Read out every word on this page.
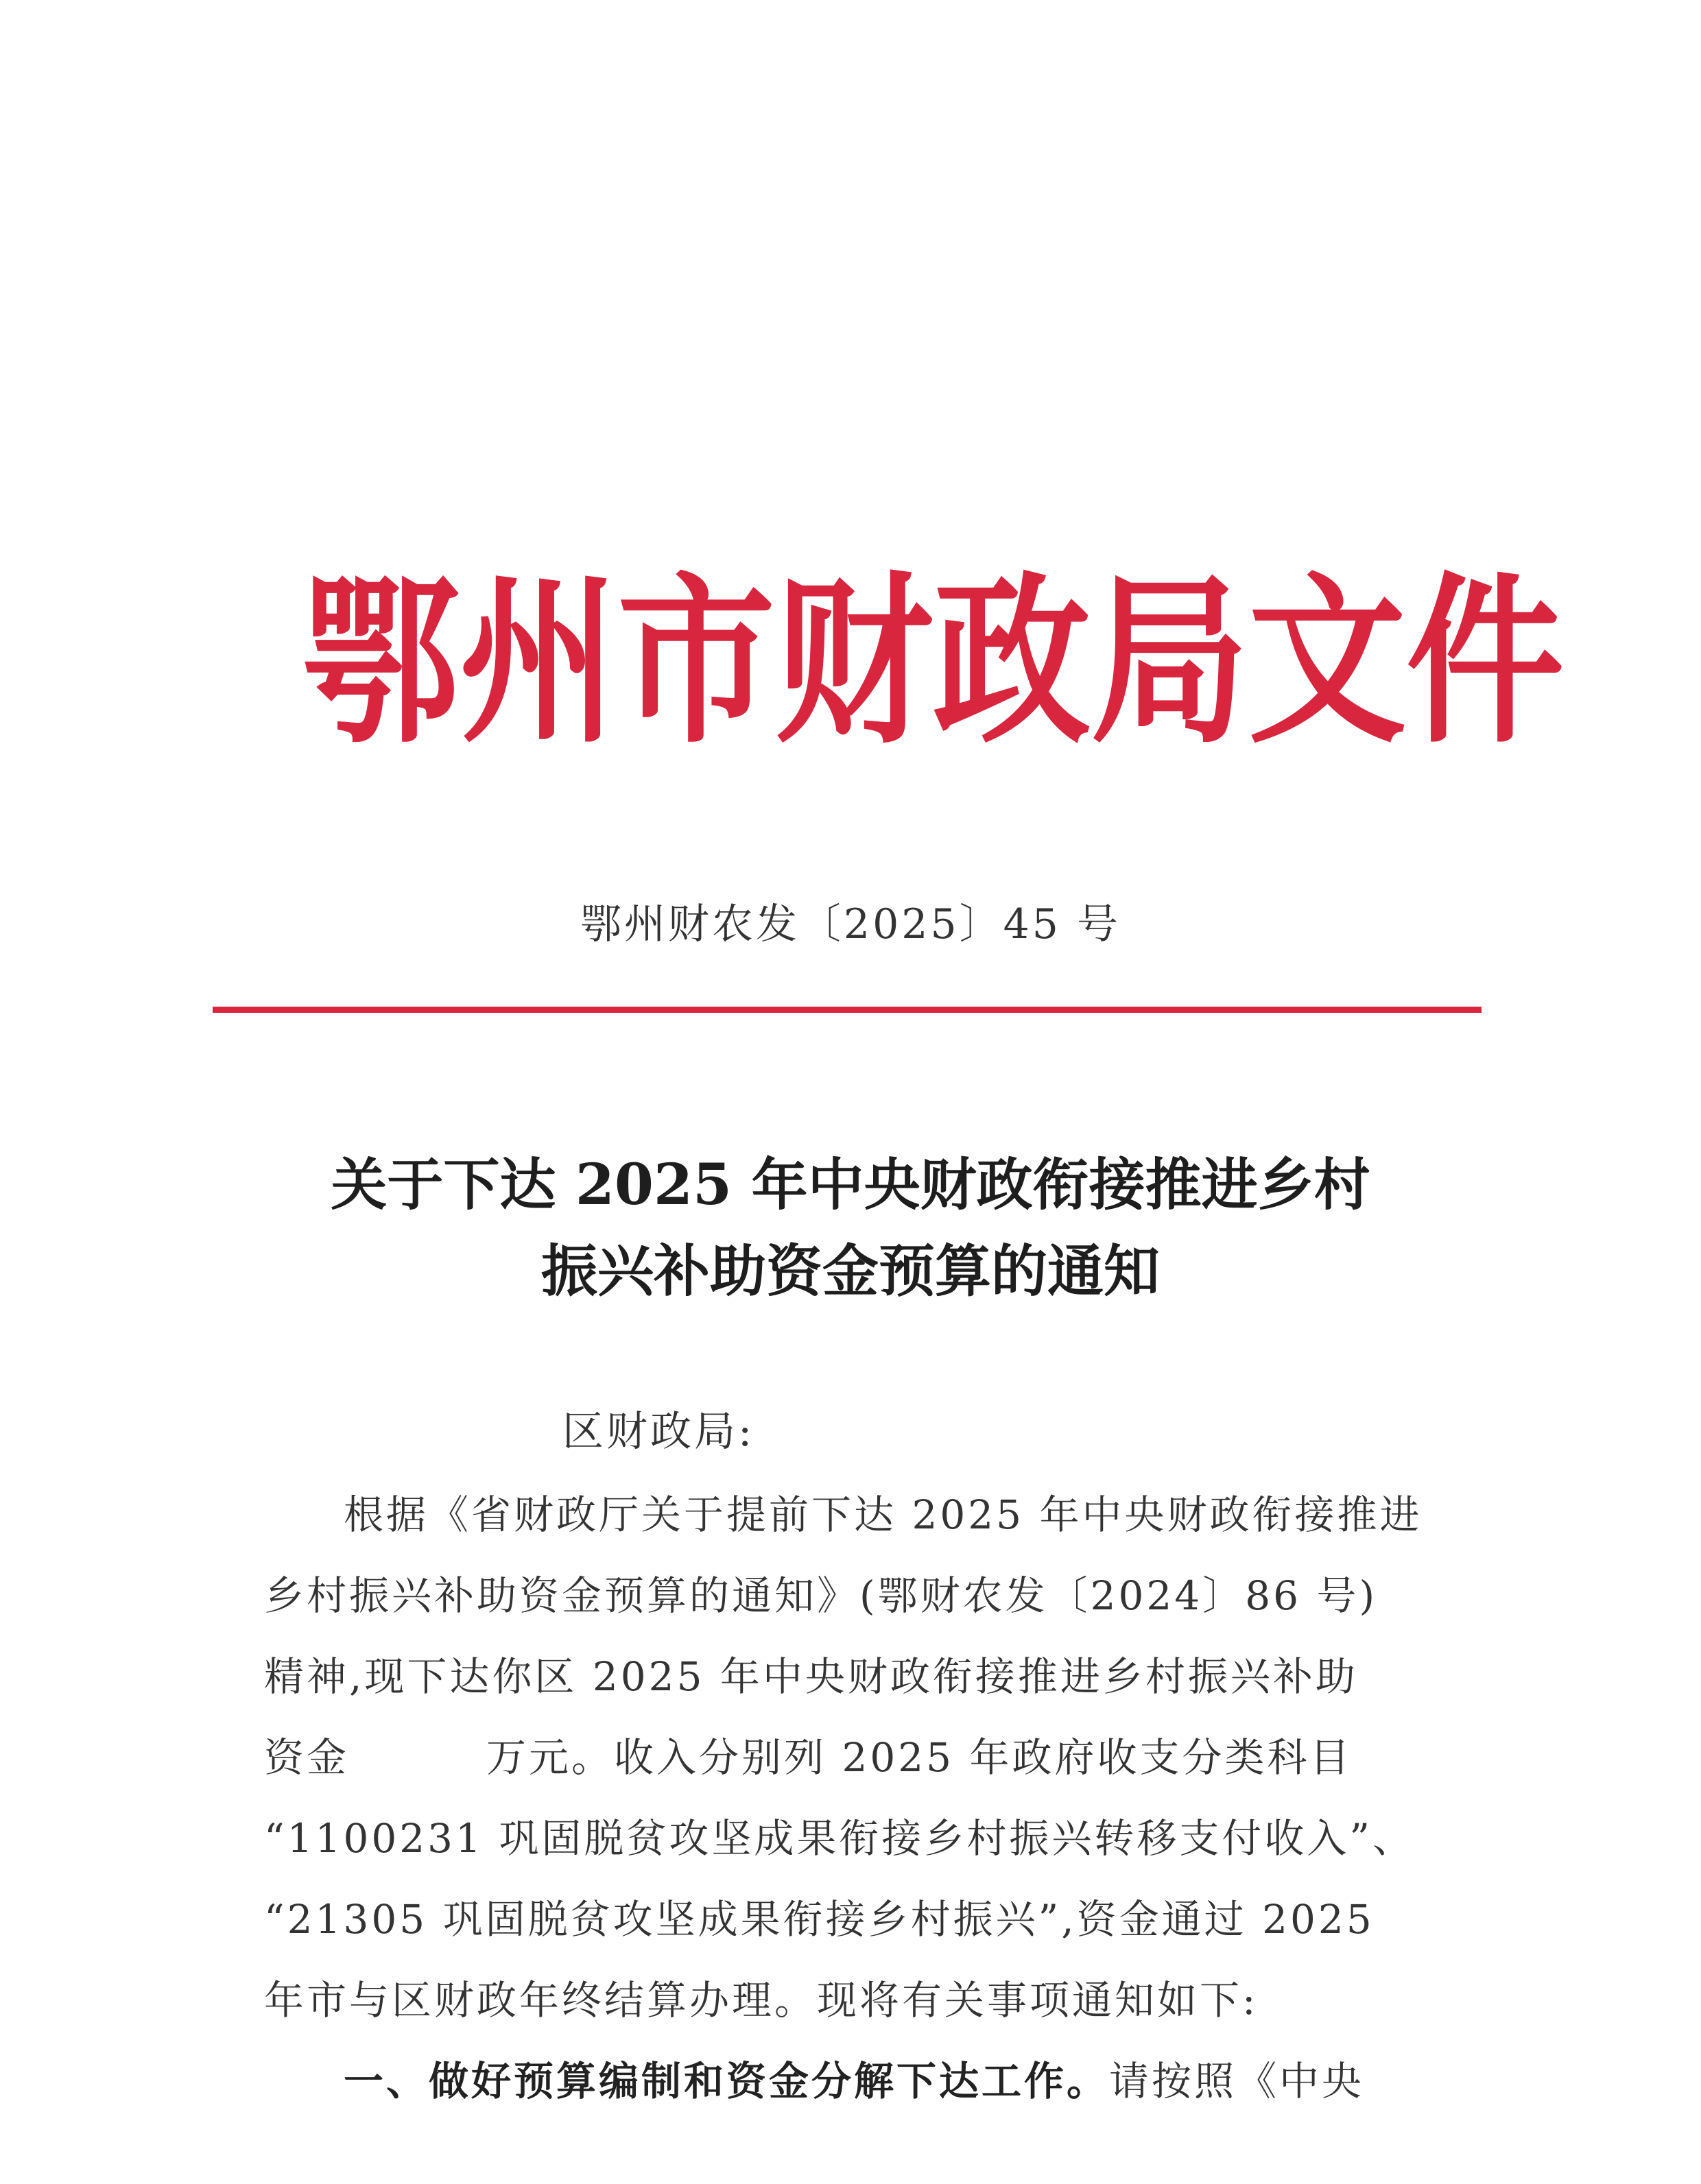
鄂 州 市 财 政 局 文 件
鄂州财农发〔2025〕45 号
关于下达 2025 年中央财政衔接推进乡村
振兴补助资金预算的通知
区财政局:
根据《省财政厅关于提前下达 2025 年中央财政衔接推进
乡村振兴补助资金预算的通知》(鄂财农发〔2024〕86 号)
精神,现下达你区 2025 年中央财政衔接推进乡村振兴补助
资金	万元。收入分别列 2025 年政府收支分类科目
“1100231 巩固脱贫攻坚成果衔接乡村振兴转移支付收入”、
“21305 巩固脱贫攻坚成果衔接乡村振兴”,资金通过 2025
年市与区财政年终结算办理。现将有关事项通知如下:
一、做好预算编制和资金分解下达工作。请按照《中央
